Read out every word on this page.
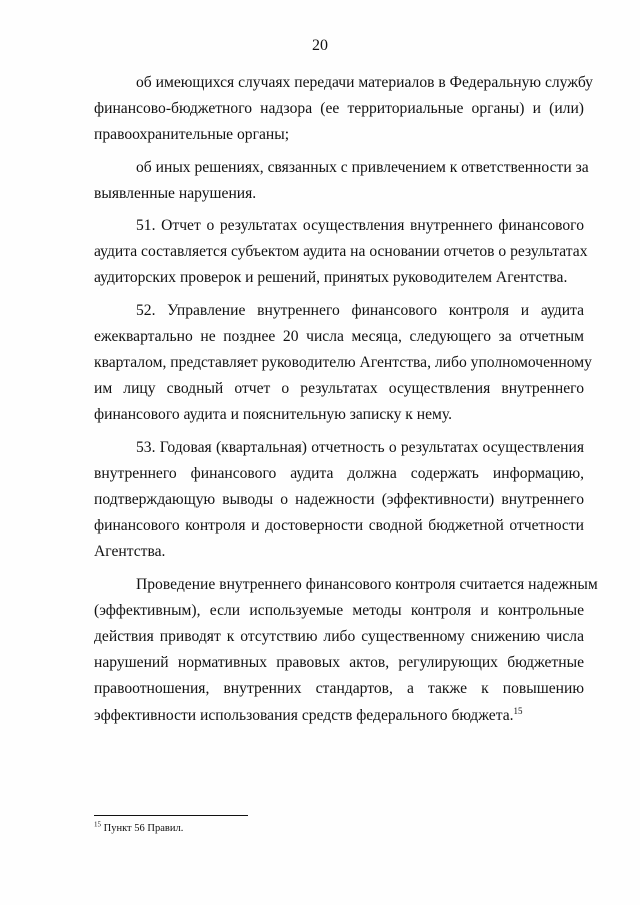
20

об имеющихся случаях передачи материалов в Федеральную службу
финансово-бюджетного надзора (ее территориальные органы) и (или)
правоохранительные органы;

об иных решениях, связанных с привлечением к ответственности за
выявленные нарушения.

51. Отчет о результатах осуществления внутреннего финансового
аудита составляется субъектом аудита на основании отчетов о результатах
аудиторских проверок и решений, принятых руководителем Агентства.

52. Управление внутреннего финансового контроля и аудита
ежеквартально не позднее 20 числа месяца, следующего за отчетным
кварталом, представляет руководителю Агентства, либо уполномоченному
им лицу сводный отчет о результатах осуществления внутреннего
финансового аудита и пояснительную записку к нему.

53. Годовая (квартальная) отчетность о результатах осуществления
внутреннего финансового аудита должна содержать информацию,
подтверждающую выводы о надежности (эффективности) внутреннего
финансового контроля и достоверности сводной бюджетной отчетности
Агентства.

Проведение внутреннего финансового контроля считается надежным
(эффективным), если используемые методы контроля и контрольные
действия приводят к отсутствию либо существенному снижению числа
нарушений нормативных правовых актов, регулирующих бюджетные
правоотношения, внутренних стандартов, а также к повышению
эффективности использования средств федерального бюджета.$^{15}$

$^{15}$ Пункт 56 Правил.
